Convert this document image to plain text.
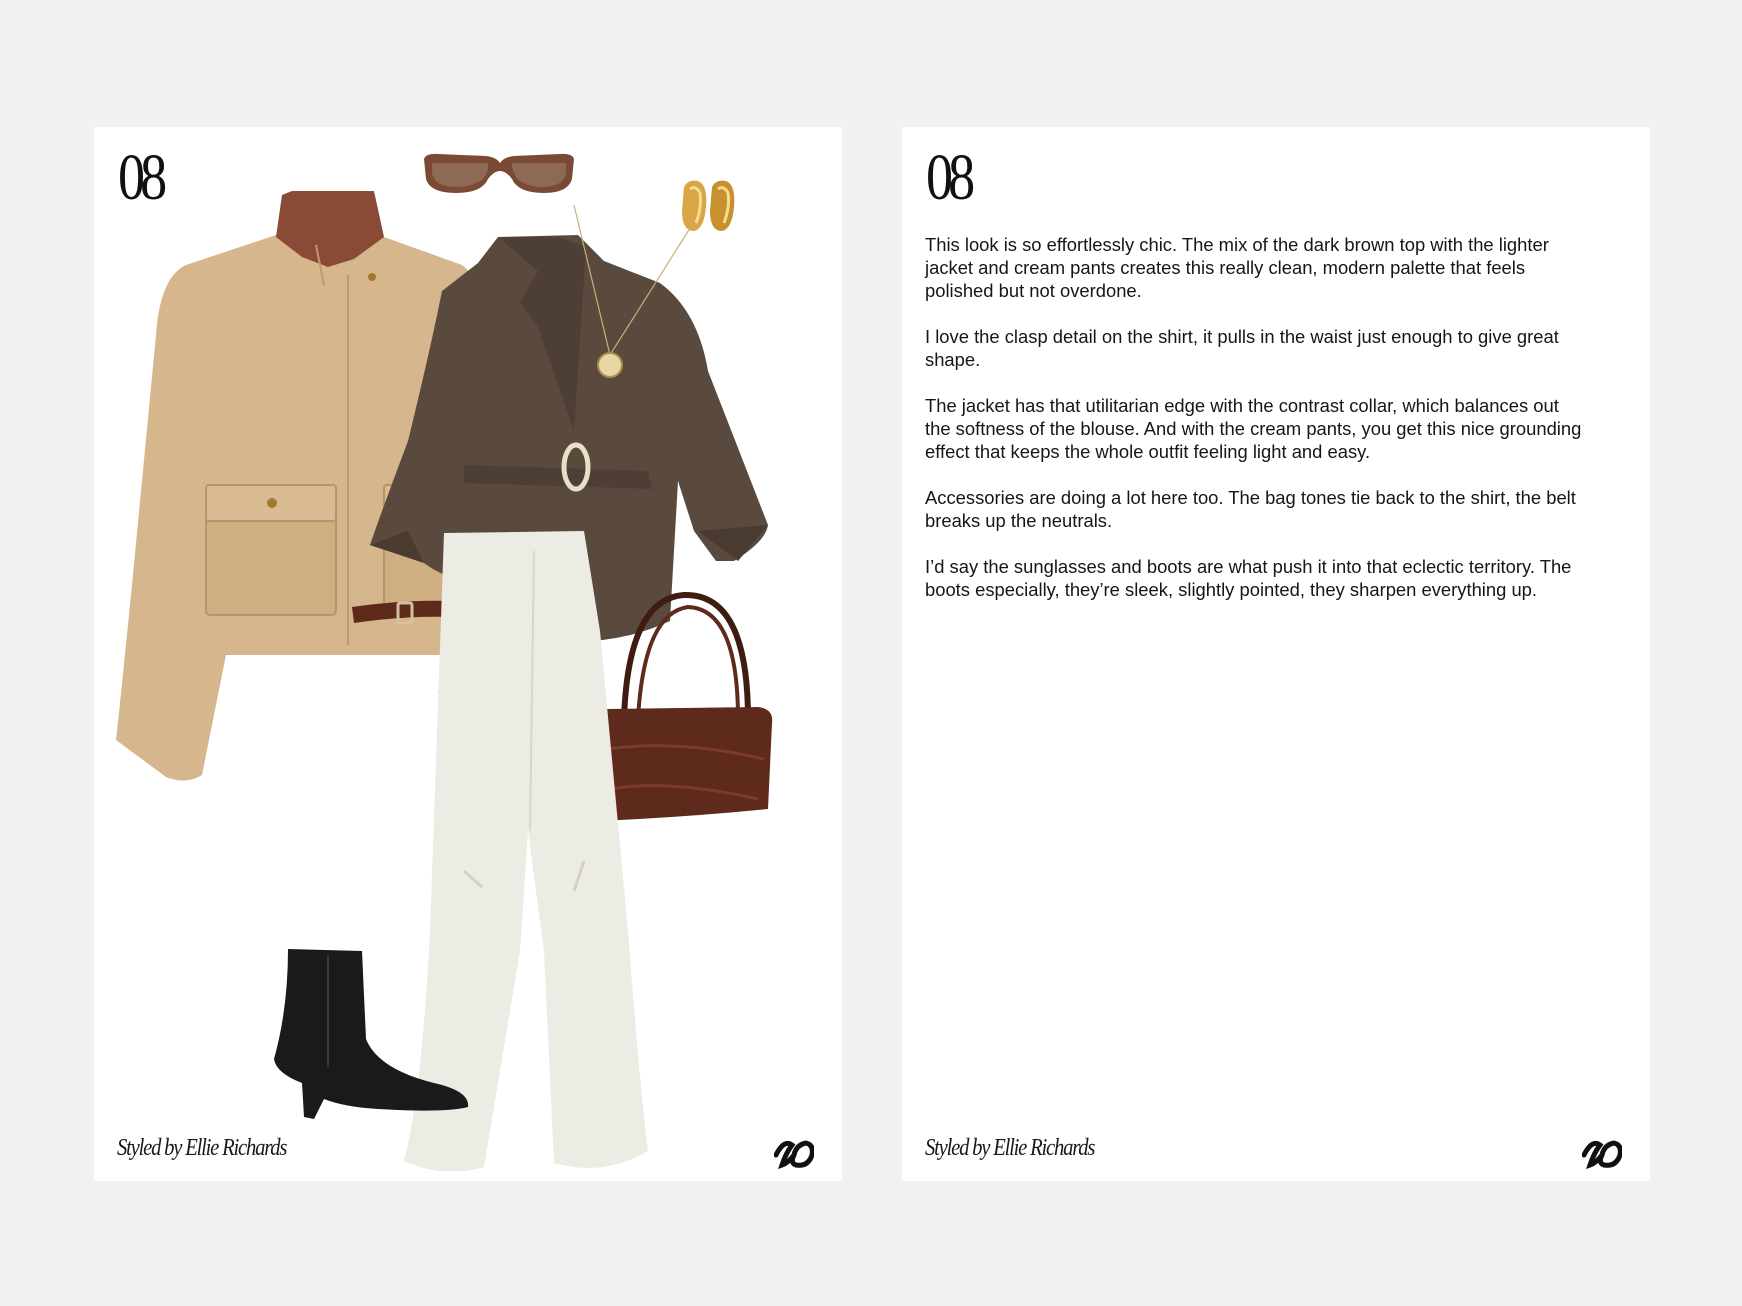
08
Styled by Ellie Richards
08

This look is so effortlessly chic. The mix of the dark brown top with the lighter jacket and cream pants creates this really clean, modern palette that feels polished but not overdone.

I love the clasp detail on the shirt, it pulls in the waist just enough to give great shape.

The jacket has that utilitarian edge with the contrast collar, which balances out the softness of the blouse. And with the cream pants, you get this nice grounding effect that keeps the whole outfit feeling light and easy.

Accessories are doing a lot here too. The bag tones tie back to the shirt, the belt breaks up the neutrals.

I’d say the sunglasses and boots are what push it into that eclectic territory. The boots especially, they’re sleek, slightly pointed, they sharpen everything up.

Styled by Ellie Richards
